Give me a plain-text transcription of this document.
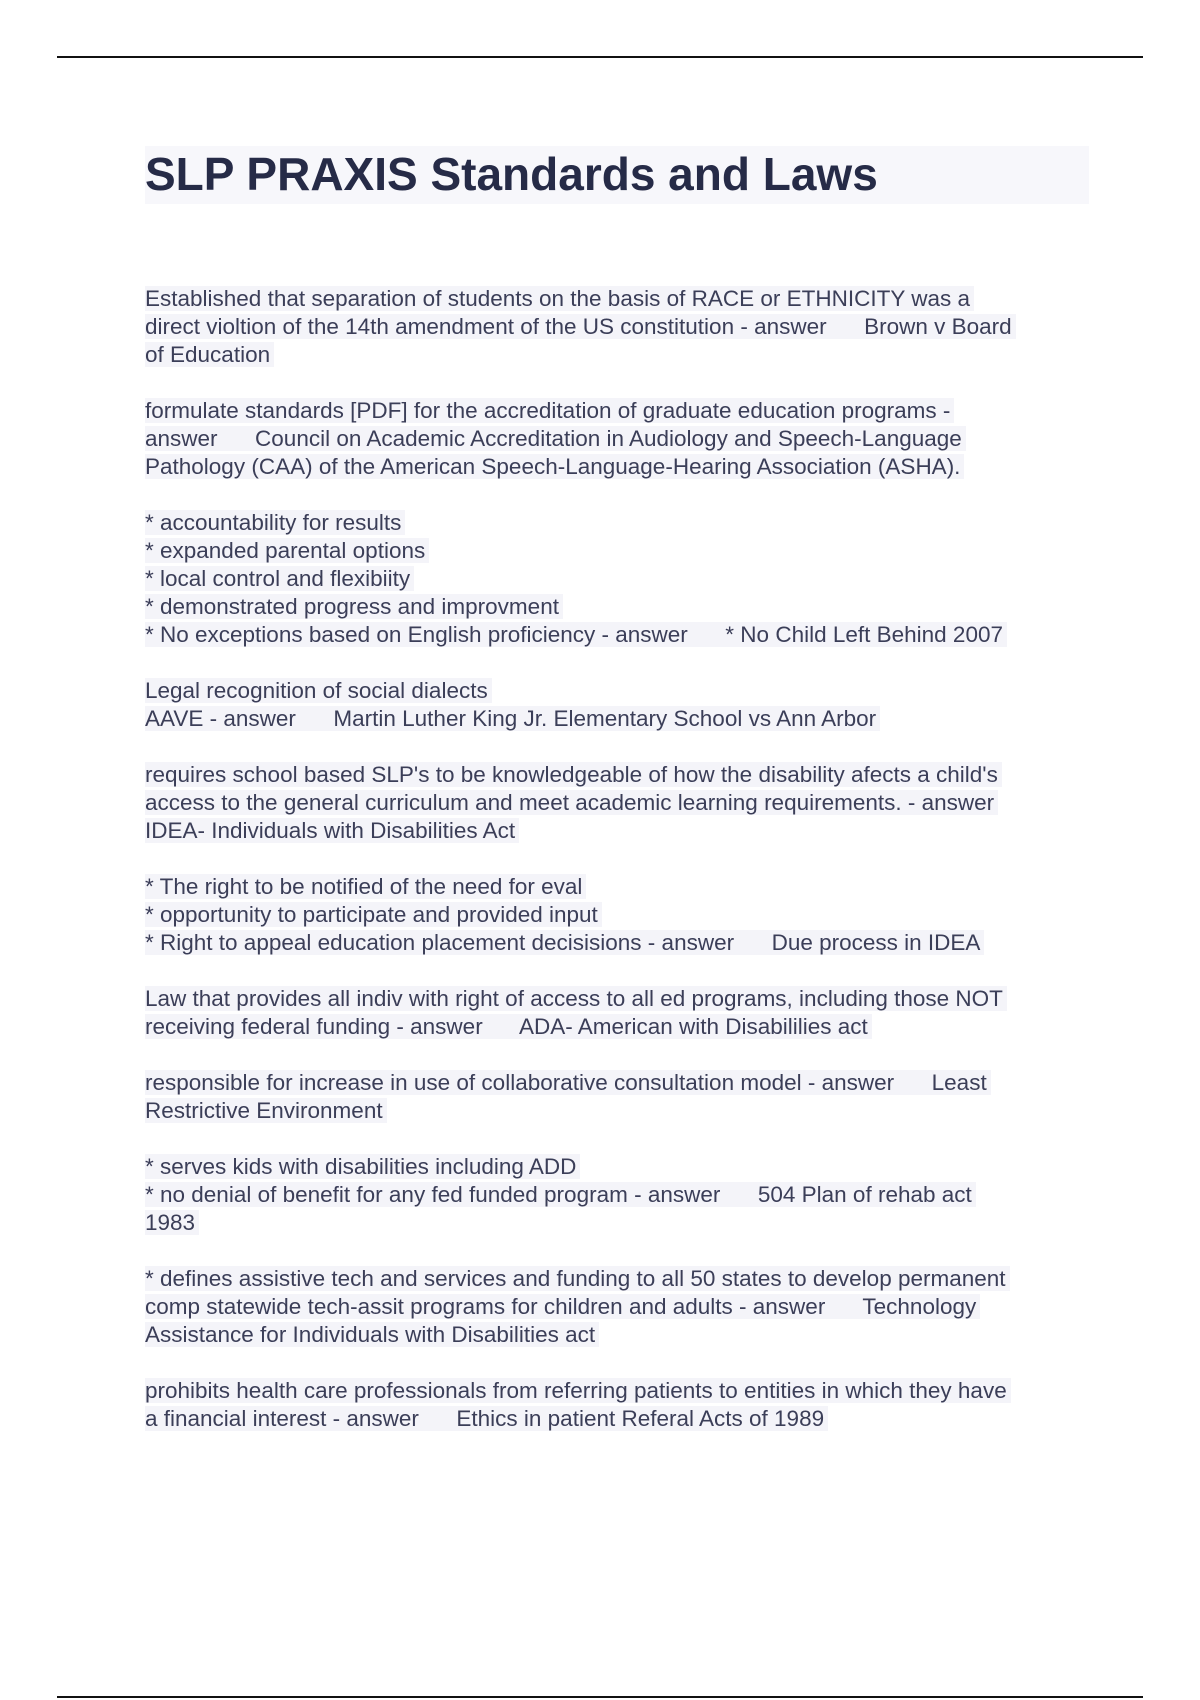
SLP PRAXIS Standards and Laws
Established that separation of students on the basis of RACE or ETHNICITY was a
direct violtion of the 14th amendment of the US constitution - answer      Brown v Board
of Education
formulate standards [PDF] for the accreditation of graduate education programs -
answer      Council on Academic Accreditation in Audiology and Speech-Language
Pathology (CAA) of the American Speech-Language-Hearing Association (ASHA).
* accountability for results
* expanded parental options
* local control and flexibiity
* demonstrated progress and improvment
* No exceptions based on English proficiency - answer      * No Child Left Behind 2007
Legal recognition of social dialects
AAVE - answer      Martin Luther King Jr. Elementary School vs Ann Arbor
requires school based SLP's to be knowledgeable of how the disability afects a child's
access to the general curriculum and meet academic learning requirements. - answer
IDEA- Individuals with Disabilities Act
* The right to be notified of the need for eval
* opportunity to participate and provided input
* Right to appeal education placement decisisions - answer      Due process in IDEA
Law that provides all indiv with right of access to all ed programs, including those NOT
receiving federal funding - answer      ADA- American with Disabililies act
responsible for increase in use of collaborative consultation model - answer      Least
Restrictive Environment
* serves kids with disabilities including ADD
* no denial of benefit for any fed funded program - answer      504 Plan of rehab act
1983
* defines assistive tech and services and funding to all 50 states to develop permanent
comp statewide tech-assit programs for children and adults - answer      Technology
Assistance for Individuals with Disabilities act
prohibits health care professionals from referring patients to entities in which they have
a financial interest - answer      Ethics in patient Referal Acts of 1989
